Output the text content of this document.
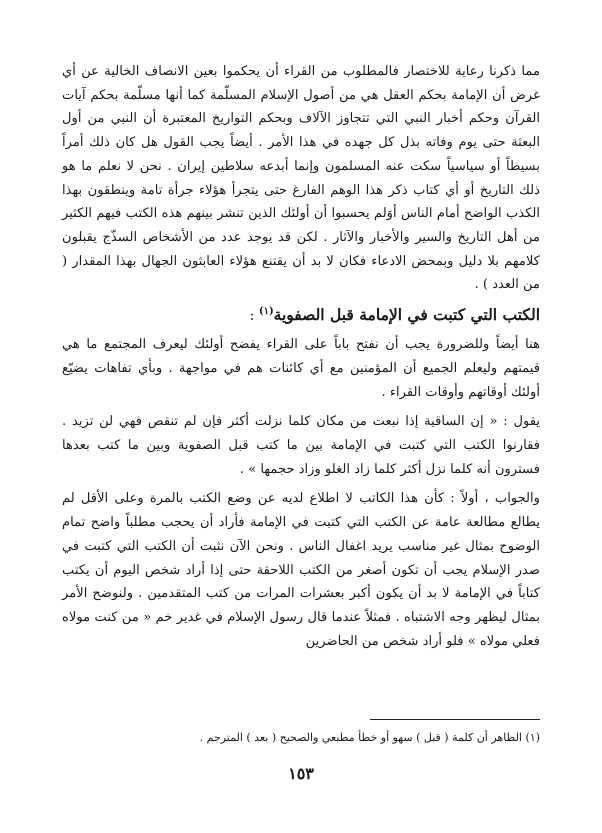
مما ذكرنا رعاية للاختصار فالمطلوب من القراء أن يحكموا بعين الانصاف الخالية عن أي غرض أن الإمامة بحكم العقل هي من أصول الإسلام المسلّمة كما أنها مسلّمة بحكم آيات القرآن وحكم أخبار النبي التي تتجاوز الآلاف وبحكم التواريخ المعتبرة أن النبي من أول البعثة حتى يوم وفاته بذل كل جهده في هذا الأمر . أيضاً يجب القول هل كان ذلك أمراً بسيطاً أو سياسياً سكت عنه المسلمون وإنما أبدعه سلاطين إيران . نحن لا نعلم ما هو ذلك التاريخ أو أي كتاب ذكر هذا الوهم الفارغ حتى يتجرأ هؤلاء جرأة تامة وينطقون بهذا الكذب الواضح أمام الناس أوَلم يحسبوا أن أولئك الذين تنشر بينهم هذه الكتب فيهم الكثير من أهل التاريخ والسير والأخبار والآثار . لكن قد يوجد عدد من الأشخاص السذّج يقبلون كلامهم بلا دليل وبمحض الادعاء فكان لا بد أن يقتنع هؤلاء العابثون الجهال بهذا المقدار ( من العدد ) .

الكتب التي كتبت في الإمامة قبل الصفوية$^{(١)}$ :

هنا أيضاً وللضرورة يجب أن نفتح باباً على القراء يفضح أولئك ليعرف المجتمع ما هي قيمتهم وليعلم الجميع أن المؤمنين مع أي كائنات هم في مواجهة . وبأي تفاهات يضيّع أولئك أوقاتهم وأوقات القراء .

يقول : « إن الساقية إذا نبعت من مكان كلما نزلت أكثر فإن لم تنقص فهي لن تزيد . فقارنوا الكتب التي كتبت في الإمامة بين ما كتب قبل الصفوية وبين ما كتب بعدها فسترون أنه كلما نزل أكثر كلما زاد الغلو وزاد حجمها » .

والجواب ، أولاً : كأن هذا الكاتب لا اطلاع لديه عن وضع الكتب بالمرة وعلى الأقل لم يطالع مطالعة عامة عن الكتب التي كتبت في الإمامة فأراد أن يحجب مطلباً واضح تمام الوضوح بمثال غير مناسب يريد اغفال الناس . ونحن الآن نثبت أن الكتب التي كتبت في صدر الإسلام يجب أن تكون أصغر من الكتب اللاحقة حتى إذا أراد شخص اليوم أن يكتب كتاباً في الإمامة لا بد أن يكون أكبر بعشرات المرات من كتب المتقدمين . ولنوضح الأمر بمثال ليظهر وجه الاشتباه . فمثلاً عندما قال رسول الإسلام في غدير خم « من كنت مولاه فعلي مولاه » فلو أراد شخص من الحاضرين

(١) الظاهر أن كلمة ( قبل ) سهو أو خطأ مطبعي والصحيح ( بعد ) المترجم .

١٥٣
